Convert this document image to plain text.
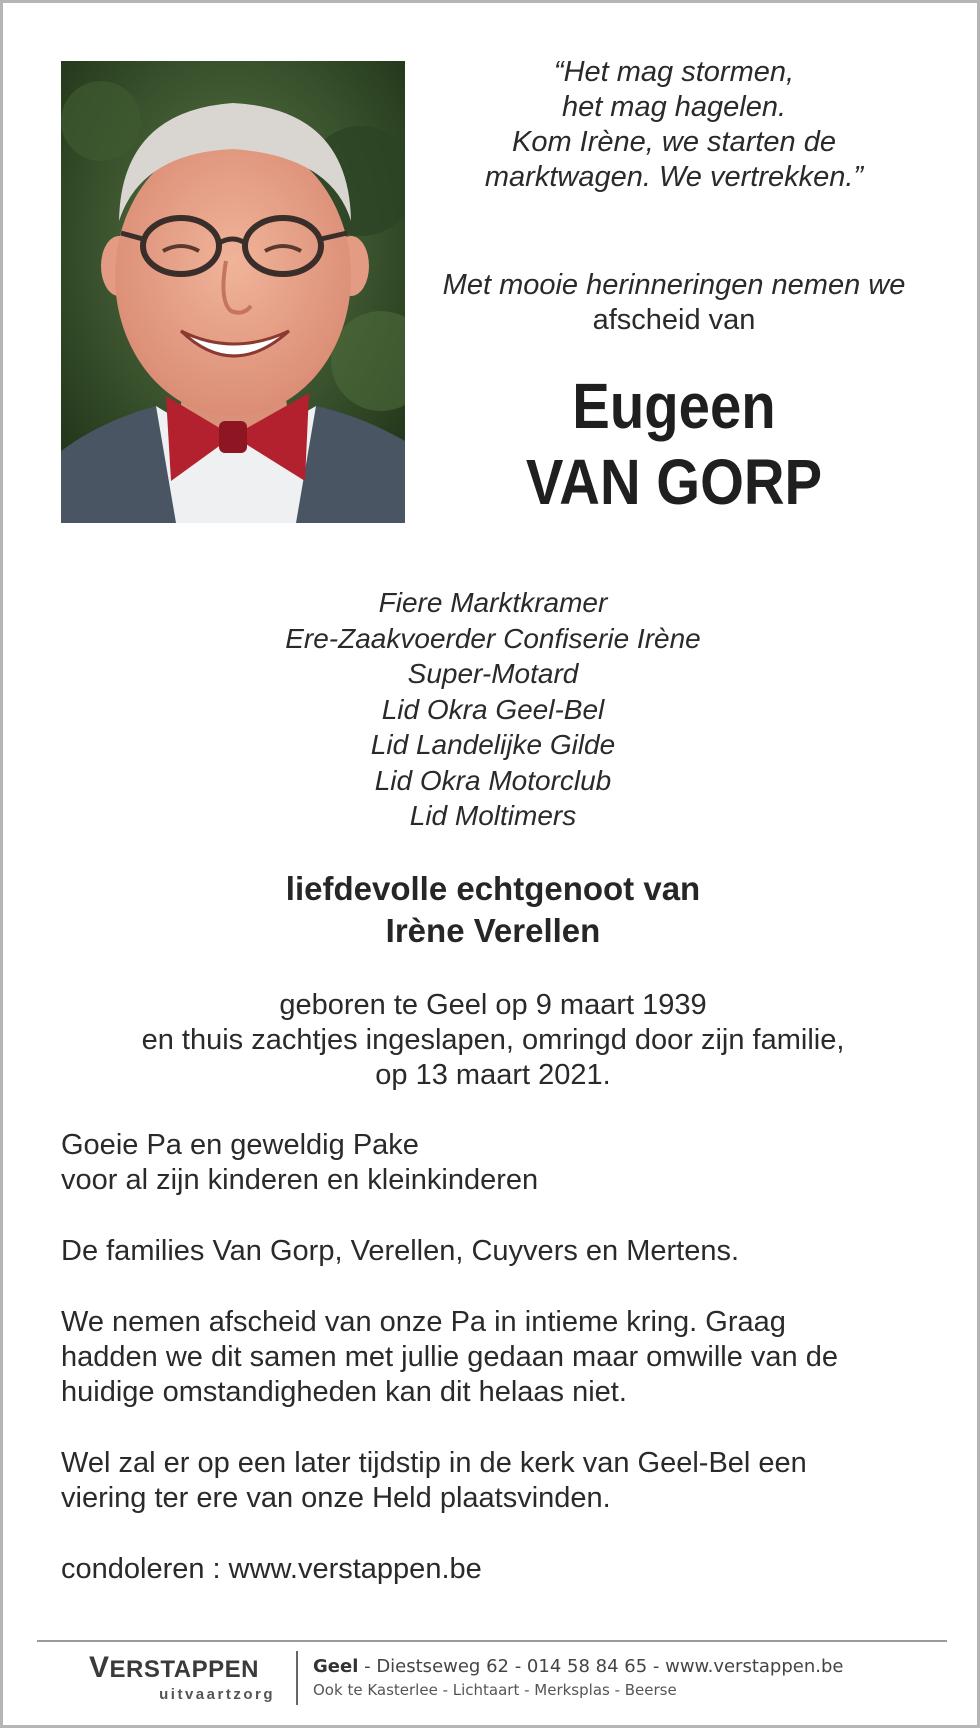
“Het mag stormen,
het mag hagelen.
Kom Irène, we starten de
marktwagen. We vertrekken.”
Met mooie herinneringen nemen we
afscheid van
Eugeen
VAN GORP
Fiere Marktkramer
Ere-Zaakvoerder Confiserie Irène
Super-Motard
Lid Okra Geel-Bel
Lid Landelijke Gilde
Lid Okra Motorclub
Lid Moltimers
liefdevolle echtgenoot van
Irène Verellen
geboren te Geel op 9 maart 1939
en thuis zachtjes ingeslapen, omringd door zijn familie,
op 13 maart 2021.

Goeie Pa en geweldig Pake
voor al zijn kinderen en kleinkinderen

De families Van Gorp, Verellen, Cuyvers en Mertens.

We nemen afscheid van onze Pa in intieme kring. Graag
hadden we dit samen met jullie gedaan maar omwille van de
huidige omstandigheden kan dit helaas niet.

Wel zal er op een later tijdstip in de kerk van Geel-Bel een
viering ter ere van onze Held plaatsvinden.

condoleren : www.verstappen.be

VERSTAPPEN
uitvaartzorg
Geel - Diestseweg 62 - 014 58 84 65 - www.verstappen.be
Ook te Kasterlee - Lichtaart - Merksplas - Beerse
